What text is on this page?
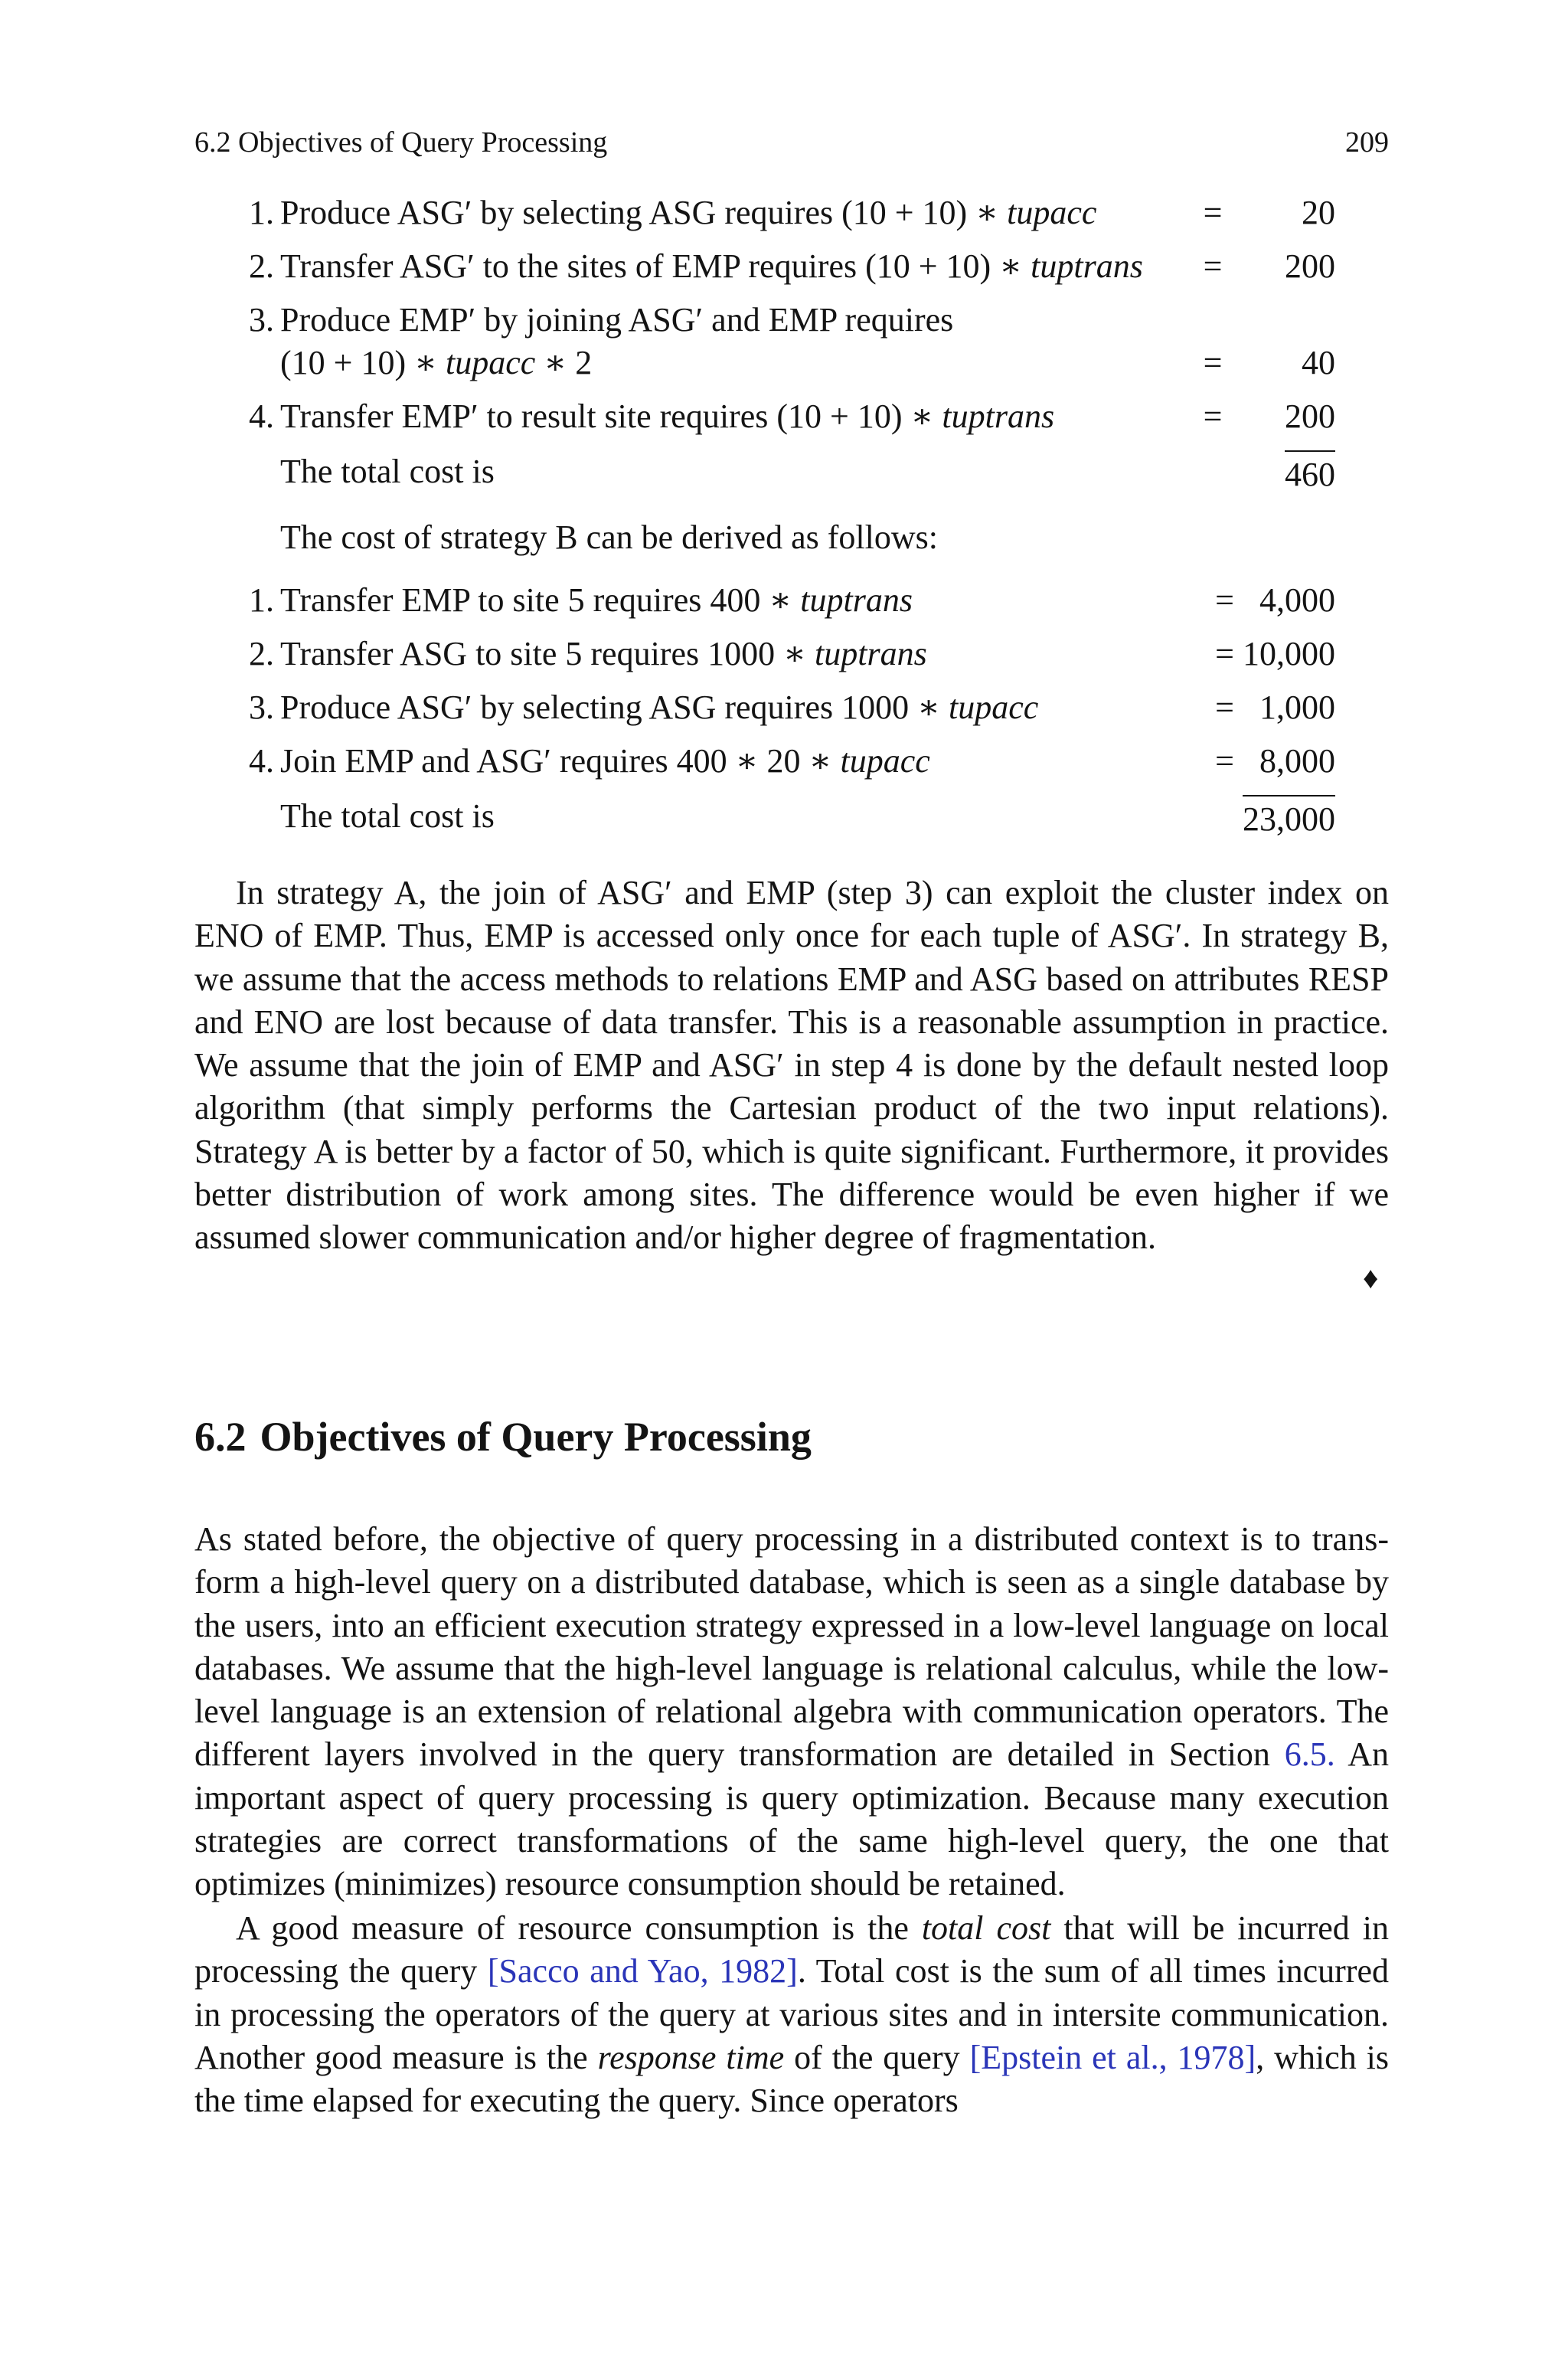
6.2 Objectives of Query Processing	209
1. Produce ASG′ by selecting ASG requires (10 + 10) ∗ tupacc	=	20
2. Transfer ASG′ to the sites of EMP requires (10 + 10) ∗ tuptrans	=	200
3. Produce EMP′ by joining ASG′ and EMP requires
(10 + 10) ∗ tupacc ∗ 2	=	40
4. Transfer EMP′ to result site requires (10 + 10) ∗ tuptrans	=	200
The total cost is	460
The cost of strategy B can be derived as follows:
1. Transfer EMP to site 5 requires 400 ∗ tuptrans	=   4,000
2. Transfer ASG to site 5 requires 1000 ∗ tuptrans	= 10,000
3. Produce ASG′ by selecting ASG requires 1000 ∗ tupacc	=   1,000
4. Join EMP and ASG′ requires 400 ∗ 20 ∗ tupacc	=   8,000
The total cost is	23,000

In strategy A, the join of ASG′ and EMP (step 3) can exploit the cluster index on ENO of EMP. Thus, EMP is accessed only once for each tuple of ASG′. In strategy B, we assume that the access methods to relations EMP and ASG based on attributes RESP and ENO are lost because of data transfer. This is a reasonable assumption in practice. We assume that the join of EMP and ASG′ in step 4 is done by the default nested loop algorithm (that simply performs the Cartesian product of the two input relations). Strategy A is better by a factor of 50, which is quite significant. Furthermore, it provides better distribution of work among sites. The difference would be even higher if we assumed slower communication and/or higher degree of fragmentation.

♦
6.2 Objectives of Query Processing

As stated before, the objective of query processing in a distributed context is to trans-form a high-level query on a distributed database, which is seen as a single database by the users, into an efficient execution strategy expressed in a low-level language on local databases. We assume that the high-level language is relational calculus, while the low-level language is an extension of relational algebra with communication operators. The different layers involved in the query transformation are detailed in Section 6.5. An important aspect of query processing is query optimization. Because many execution strategies are correct transformations of the same high-level query, the one that optimizes (minimizes) resource consumption should be retained.

A good measure of resource consumption is the total cost that will be incurred in processing the query [Sacco and Yao, 1982]. Total cost is the sum of all times incurred in processing the operators of the query at various sites and in intersite communication. Another good measure is the response time of the query [Epstein et al., 1978], which is the time elapsed for executing the query. Since operators
